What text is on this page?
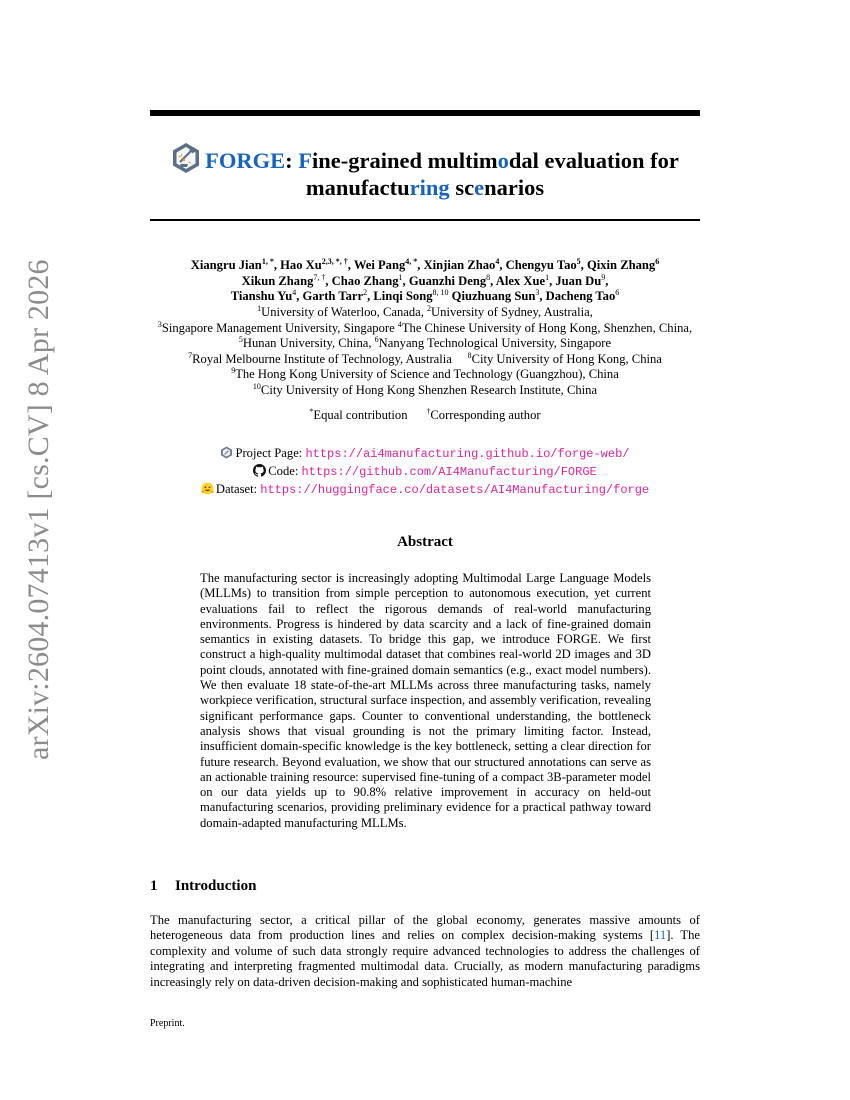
arXiv:2604.07413v1 [cs.CV] 8 Apr 2026
FORGE: Fine-grained multimodal evaluation for
manufacturing scenarios
Xiangru Jian$^{1, *}$, Hao $Xu^{2,3, *, \dagger}$, Wei Pang$^{4, *}$, Xinjian Zhao$^4$, Chengyu Tao$^5$, Qixin Zhang$^6$
Xikun Zhang$^{7, \dagger}$, Chao Zhang$^1$, Guanzhi Deng$^8$, Alex Xue$^1$, Juan Du$^9$,
Tianshu Yu$^4$, Garth Tarr$^2$, Linqi Song$^{8, 10}$ Qiuzhuang Sun$^3$, Dacheng Tao$^6$
$^1$University of Waterloo, Canada, $^2$University of Sydney, Australia,
$^3$Singapore Management University, Singapore $^4$The Chinese University of Hong Kong, Shenzhen, China,
$^5$Hunan University, China, $^6$Nanyang Technological University, Singapore
$^7$Royal Melbourne Institute of Technology, Australia $^8$City University of Hong Kong, China
$^9$The Hong Kong University of Science and Technology (Guangzhou), China
$^{10}$City University of Hong Kong Shenzhen Research Institute, China
*Equal contribution †Corresponding author
Project Page: https://ai4manufacturing.github.io/forge-web/
Code: https://github.com/AI4Manufacturing/FORGE
Dataset: https://huggingface.co/datasets/AI4Manufacturing/forge
Abstract
The manufacturing sector is increasingly adopting Multimodal Large Language Models (MLLMs) to transition from simple perception to autonomous execution, yet current evaluations fail to reflect the rigorous demands of real-world manufacturing environments. Progress is hindered by data scarcity and a lack of fine-grained domain semantics in existing datasets. To bridge this gap, we introduce FORGE. We first construct a high-quality multimodal dataset that combines real-world 2D images and 3D point clouds, annotated with fine-grained domain semantics (e.g., exact model numbers). We then evaluate 18 state-of-the-art MLLMs across three manufacturing tasks, namely workpiece verification, structural surface inspection, and assembly verification, revealing significant performance gaps. Counter to conventional understanding, the bottleneck analysis shows that visual grounding is not the primary limiting factor. Instead, insufficient domain-specific knowledge is the key bottleneck, setting a clear direction for future research. Beyond evaluation, we show that our structured annotations can serve as an actionable training resource: supervised fine-tuning of a compact 3B-parameter model on our data yields up to 90.8% relative improvement in accuracy on held-out manufacturing scenarios, providing preliminary evidence for a practical pathway toward domain-adapted manufacturing MLLMs.
1 Introduction
The manufacturing sector, a critical pillar of the global economy, generates massive amounts of heterogeneous data from production lines and relies on complex decision-making systems [11]. The complexity and volume of such data strongly require advanced technologies to address the challenges of integrating and interpreting fragmented multimodal data. Crucially, as modern manufacturing paradigms increasingly rely on data-driven decision-making and sophisticated human-machine
Preprint.
